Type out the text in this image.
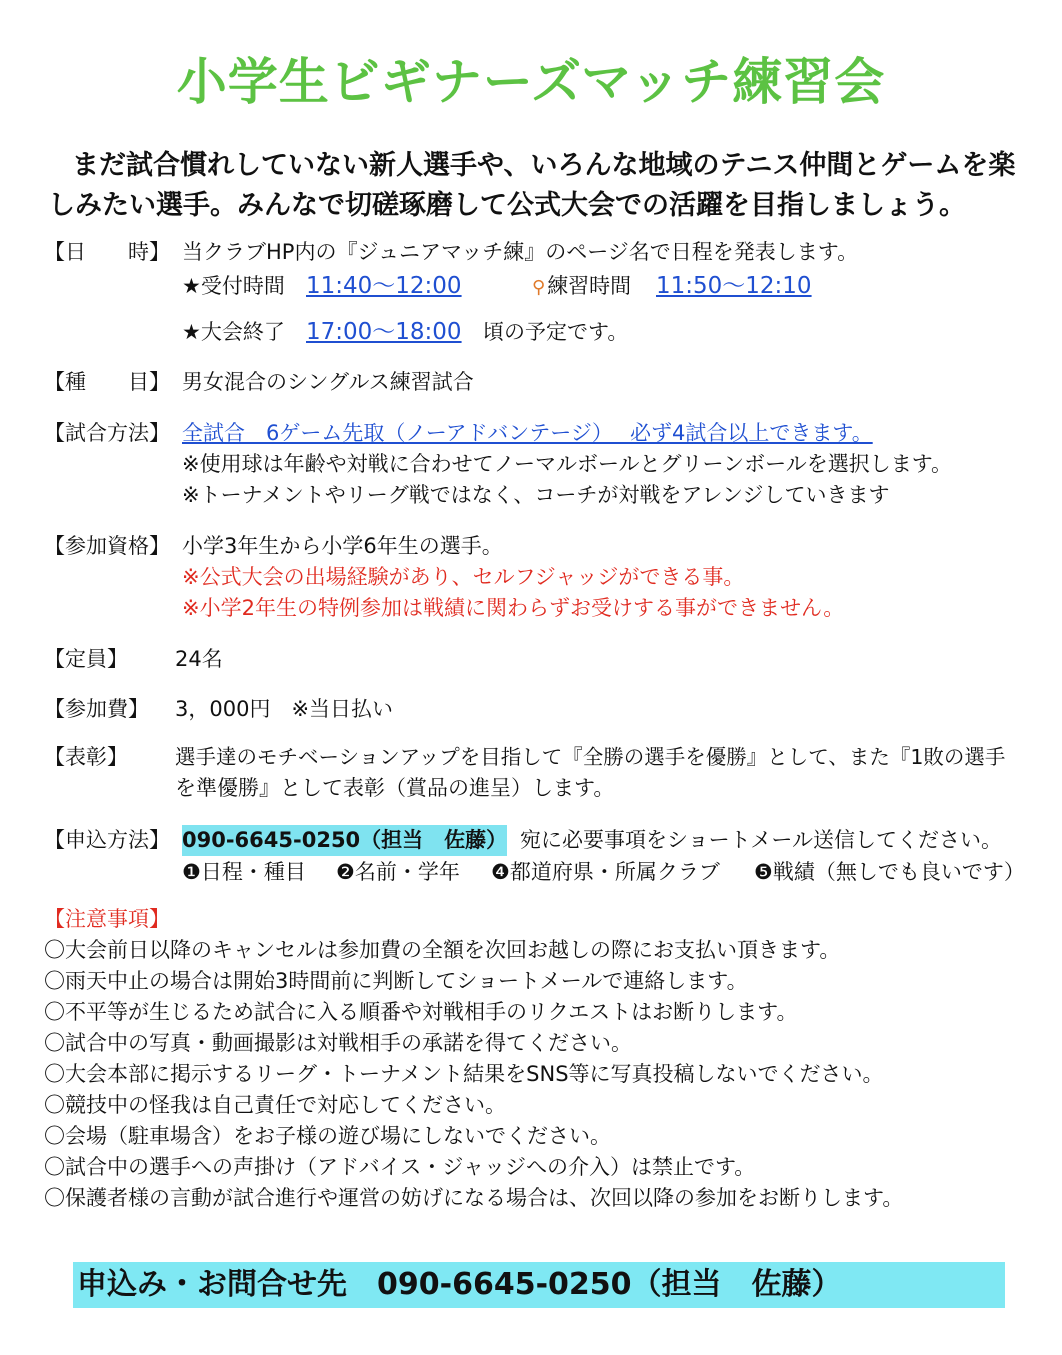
小学生ビギナーズマッチ練習会
まだ試合慣れしていない新人選手や、いろんな地域のテニス仲間とゲームを楽しみたい選手。みんなで切磋琢磨して公式大会での活躍を目指しましょう。
【日　　時】 当クラブHP内の『ジュニアマッチ練』のページ名で日程を発表します。
★受付時間 11:40～12:00	⚲練習時間 11:50～12:10
★大会終了 17:00～18:00 頃の予定です。
【種　　目】 男女混合のシングルス練習試合
【試合方法】 全試合　6ゲーム先取（ノーアドバンテージ）　 必ず4試合以上できます。
※使用球は年齢や対戦に合わせてノーマルボールとグリーンボールを選択します。
※トーナメントやリーグ戦ではなく、コーチが対戦をアレンジしていきます
【参加資格】 小学3年生から小学6年生の選手。
※公式大会の出場経験があり、セルフジャッジができる事。
※小学2年生の特例参加は戦績に関わらずお受けする事ができません。
【定員】 24名
【参加費】 3，000円　※当日払い
【表彰】 選手達のモチベーションアップを目指して『全勝の選手を優勝』として、また『1敗の選手
を準優勝』として表彰（賞品の進呈）します。
【申込方法】 090-6645-0250（担当　佐藤） 宛に必要事項をショートメール送信してください。
❶日程・種目 ❷名前・学年 ❹都道府県・所属クラブ ❺戦績（無しでも良いです）
【注意事項】
〇大会前日以降のキャンセルは参加費の全額を次回お越しの際にお支払い頂きます。
〇雨天中止の場合は開始3時間前に判断してショートメールで連絡します。
〇不平等が生じるため試合に入る順番や対戦相手のリクエストはお断りします。
〇試合中の写真・動画撮影は対戦相手の承諾を得てください。
〇大会本部に掲示するリーグ・トーナメント結果をSNS等に写真投稿しないでください。
〇競技中の怪我は自己責任で対応してください。
〇会場（駐車場含）をお子様の遊び場にしないでください。
〇試合中の選手への声掛け（アドバイス・ジャッジへの介入）は禁止です。
〇保護者様の言動が試合進行や運営の妨げになる場合は、次回以降の参加をお断りします。
申込み・お問合せ先　090-6645-0250（担当　佐藤）
